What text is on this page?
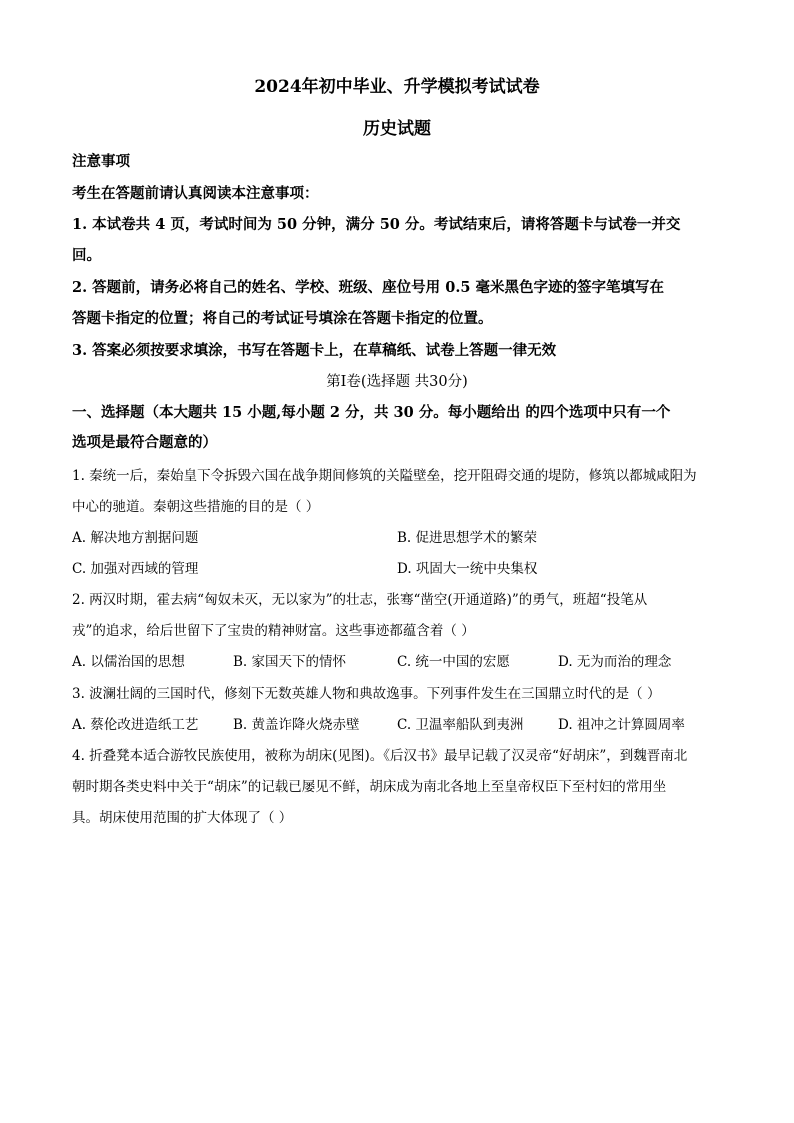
2024年初中毕业、升学模拟考试试卷
历史试题
注意事项
考生在答题前请认真阅读本注意事项：
1. 本试卷共 4 页，考试时间为 50 分钟，满分 50 分。考试结束后，请将答题卡与试卷一并交
回。
2. 答题前，请务必将自己的姓名、学校、班级、座位号用 0.5 毫米黑色字迹的签字笔填写在
答题卡指定的位置；将自己的考试证号填涂在答题卡指定的位置。
3. 答案必须按要求填涂，书写在答题卡上，在草稿纸、试卷上答题一律无效
第Ⅰ卷(选择题 共30分)
一、选择题（本大题共 15 小题,每小题 2 分，共 30 分。每小题给出 的四个选项中只有一个
选项是最符合题意的）
1. 秦统一后，秦始皇下令拆毁六国在战争期间修筑的关隘壁垒，挖开阻碍交通的堤防，修筑以都城咸阳为
中心的驰道。秦朝这些措施的目的是（ ）
A. 解决地方割据问题	B. 促进思想学术的繁荣
C. 加强对西域的管理	D. 巩固大一统中央集权
2. 两汉时期，霍去病“匈奴未灭，无以家为”的壮志，张骞“凿空(开通道路)”的勇气，班超“投笔从
戎”的追求，给后世留下了宝贵的精神财富。这些事迹都蕴含着（ ）
A. 以儒治国的思想	B. 家国天下的情怀	C. 统一中国的宏愿	D. 无为而治的理念
3. 波澜壮阔的三国时代，修刻下无数英雄人物和典故逸事。下列事件发生在三国鼎立时代的是（ ）
A. 蔡伦改进造纸工艺	B. 黄盖诈降火烧赤壁	C. 卫温率船队到夷洲	D. 祖冲之计算圆周率
4. 折叠凳本适合游牧民族使用，被称为胡床(见图)。《后汉书》最早记载了汉灵帝“好胡床”，到魏晋南北
朝时期各类史料中关于“胡床”的记载已屡见不鲜，胡床成为南北各地上至皇帝权臣下至村妇的常用坐
具。胡床使用范围的扩大体现了（ ）
